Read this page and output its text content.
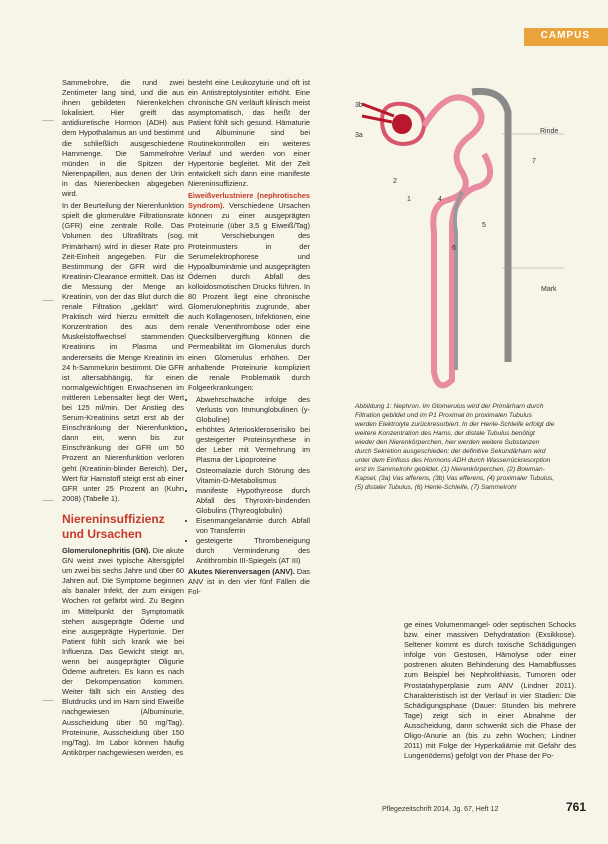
CAMPUS

Sammelrohre, die rund zwei Zentimeter lang sind, und die aus ihnen gebildeten Nierenkelchen lokalisiert. Hier greift das antidiuretische Hormon (ADH) aus dem Hypothalamus an und bestimmt die schließlich ausgeschiedene Harnmenge. Die Sammelrohre münden in die Spitzen der Nierenpapillen, aus denen der Urin in das Nierenbecken abgegeben wird.

In der Beurteilung der Nierenfunktion spielt die glomeruläre Filtrationsrate (GFR) eine zentrale Rolle. Das Volumen des Ultrafiltrats (sog. Primärharn) wird in dieser Rate pro Zeit-Einheit angegeben. Für die Bestimmung der GFR wird die Kreatinin-Clearance ermittelt. Das ist die Messung der Menge an Kreatinin, von der das Blut durch die renale Filtration „geklärt“ wird. Praktisch wird hierzu ermittelt die Konzentration des aus dem Muskelstoffwechsel stammenden Kreatinins im Plasma und andererseits die Menge Kreatinin im 24 h-Sammelurin bestimmt. Die GFR ist altersabhängig, für einen normalgewichtigen Erwachsenen im mittleren Lebensalter liegt der Wert bei 125 ml/min. Der Anstieg des Serum-Kreatinins setzt erst ab der Einschränkung der Nierenfunktion dann ein, wenn bis zur Einschränkung der GFR um 50 Prozent an Nierenfunktion verloren geht (Kreatinin-blinder Bereich). Der Wert für Harnstoff steigt erst ab einer GFR unter 25 Prozent an (Kuhn 2008) (Tabelle 1).

Niereninsuffizienz und Ursachen

Glomerulonephritis (GN). Die akute GN weist zwei typische Altersgipfel um zwei bis sechs Jahre und über 60 Jahren auf. Die Symptome beginnen als banaler Infekt, der zum einigen Wochen rot gefärbt wird. Zu Beginn im Mittelpunkt der Symptomatik stehen ausgeprägte Ödeme und eine ausgeprägte Hypertonie. Der Patient fühlt sich krank wie bei Influenza. Das Gewicht steigt an, wenn bei ausgeprägter Oligurie Ödeme auftreten. Es kann es nach der Dekompensation kommen. Weiter fällt sich ein Anstieg des Blutdrucks und im Harn sind Eiweiße nachgewiesen (Albuminurie, Ausscheidung über 50 mg/Tag). Proteinurie, Ausscheidung über 150 mg/Tag). Im Labor können häufig Antikörper nachgewiesen werden, es

besteht eine Leukozyturie und oft ist ein Antistreptolysintiter erhöht. Eine chronische GN verläuft klinisch meist asymptomatisch, das heißt der Patient fühlt sich gesund. Hämaturie und Albuminurie sind bei Routinekontrollen ein weiteres Verlauf und werden von einer Hypertonie begleitet. Mit der Zeit entwickelt sich dann eine manifeste Niereninsuffizienz.

Eiweißverlustniere (nephrotisches Syndrom). Verschiedene Ursachen können zu einer ausgeprägten Proteinurie (über 3,5 g Eiweiß/Tag) mit Verschiebungen des Proteinmusters in der Serumelektrophorese und Hypoalbuminämie und ausgeprägten Ödemen durch Abfall des kolloidosmotischen Drucks führen. In 80 Prozent liegt eine chronische Glomerulonephritis zugrunde, aber auch Kollagenosen, Infektionen, eine renale Venenthrombose oder eine Quecksilbervergiftung können die Permeabilität im Glomerulus durch einen Glomerulus erhöhen. Der anhaltende Proteinurie kompliziert die renale Problematik durch Folgeerkrankungen:

• Abwehrschwäche infolge des Verlusts von Immunglobulinen (y-Globuline)
• erhöhtes Arterioskleroserisiko bei gesteigerter Proteinsynthese in der Leber mit Vermehrung im Plasma der Lipoproteine
• Osteomalazie durch Störung des Vitamin-D-Metabolismus
• manifeste Hypothyreose durch Abfall des Thyroxin-bindenden Globulins (Thyreoglobulin)
• Eisenmangelanämie durch Abfall von Transferrin
• gesteigerte Thrombeneigung durch Verminderung des Antithrombin III-Spiegels (AT III)

Akutes Nierenversagen (ANV). Das ANV ist in den vier fünf Fällen die Fol-

ge eines Volumenmangel- oder septischen Schocks bzw. einer massiven Dehydratation (Exsikkose). Seltener kommt es durch toxische Schädigungen infolge von Gestosen, Hämolyse oder einer postrenen akuten Behinderung des Harnabflusses zum Beispiel bei Nephrolithiasis, Tumoren oder Prostatahyperplasie zum ANV (Lindner 2011). Charakteristisch ist der Verlauf in vier Stadien: Die Schädigungsphase (Dauer: Stunden bis mehrere Tage) zeigt sich in einer Abnahme der Ausscheidung, dann schwenkt sich die Phase der Oligo-/Anurie an (bis zu zehn Wochen; Lindner 2011) mit Folge der Hyperkaliämie mit Gefahr des Lungenödems) gefolgt von der Phase der Po-

3b
3a
2
1	4
5
6
7
Rinde
Mark
Abbildung 1: Nephron. Im Glomerulus wird der Primärharn durch Filtration gebildet und im P1 Proximal im proximalen Tubulus werden Elektrolyte zurückresorbiert. In der Henle-Schleife erfolgt die weitere Konzentration des Harns, der distale Tubulus benötigt wieder den Nierenkörperchen, hier werden weitere Substanzen durch Sekretion ausgeschieden; der definitive Sekundärharn wird unter dem Einfluss des Hormons ADH durch Wasserrückresorption erst im Sammelrohr gebildet. (1) Nierenkörperchen, (2) Bowman-Kapsel, (3a) Vas afferens, (3b) Vas efferens, (4) proximaler Tubulus, (5) distaler Tubulus, (6) Henle-Schleife, (7) Sammelrohr
Pflegezeitschrift 2014, Jg. 67, Heft 12	761
